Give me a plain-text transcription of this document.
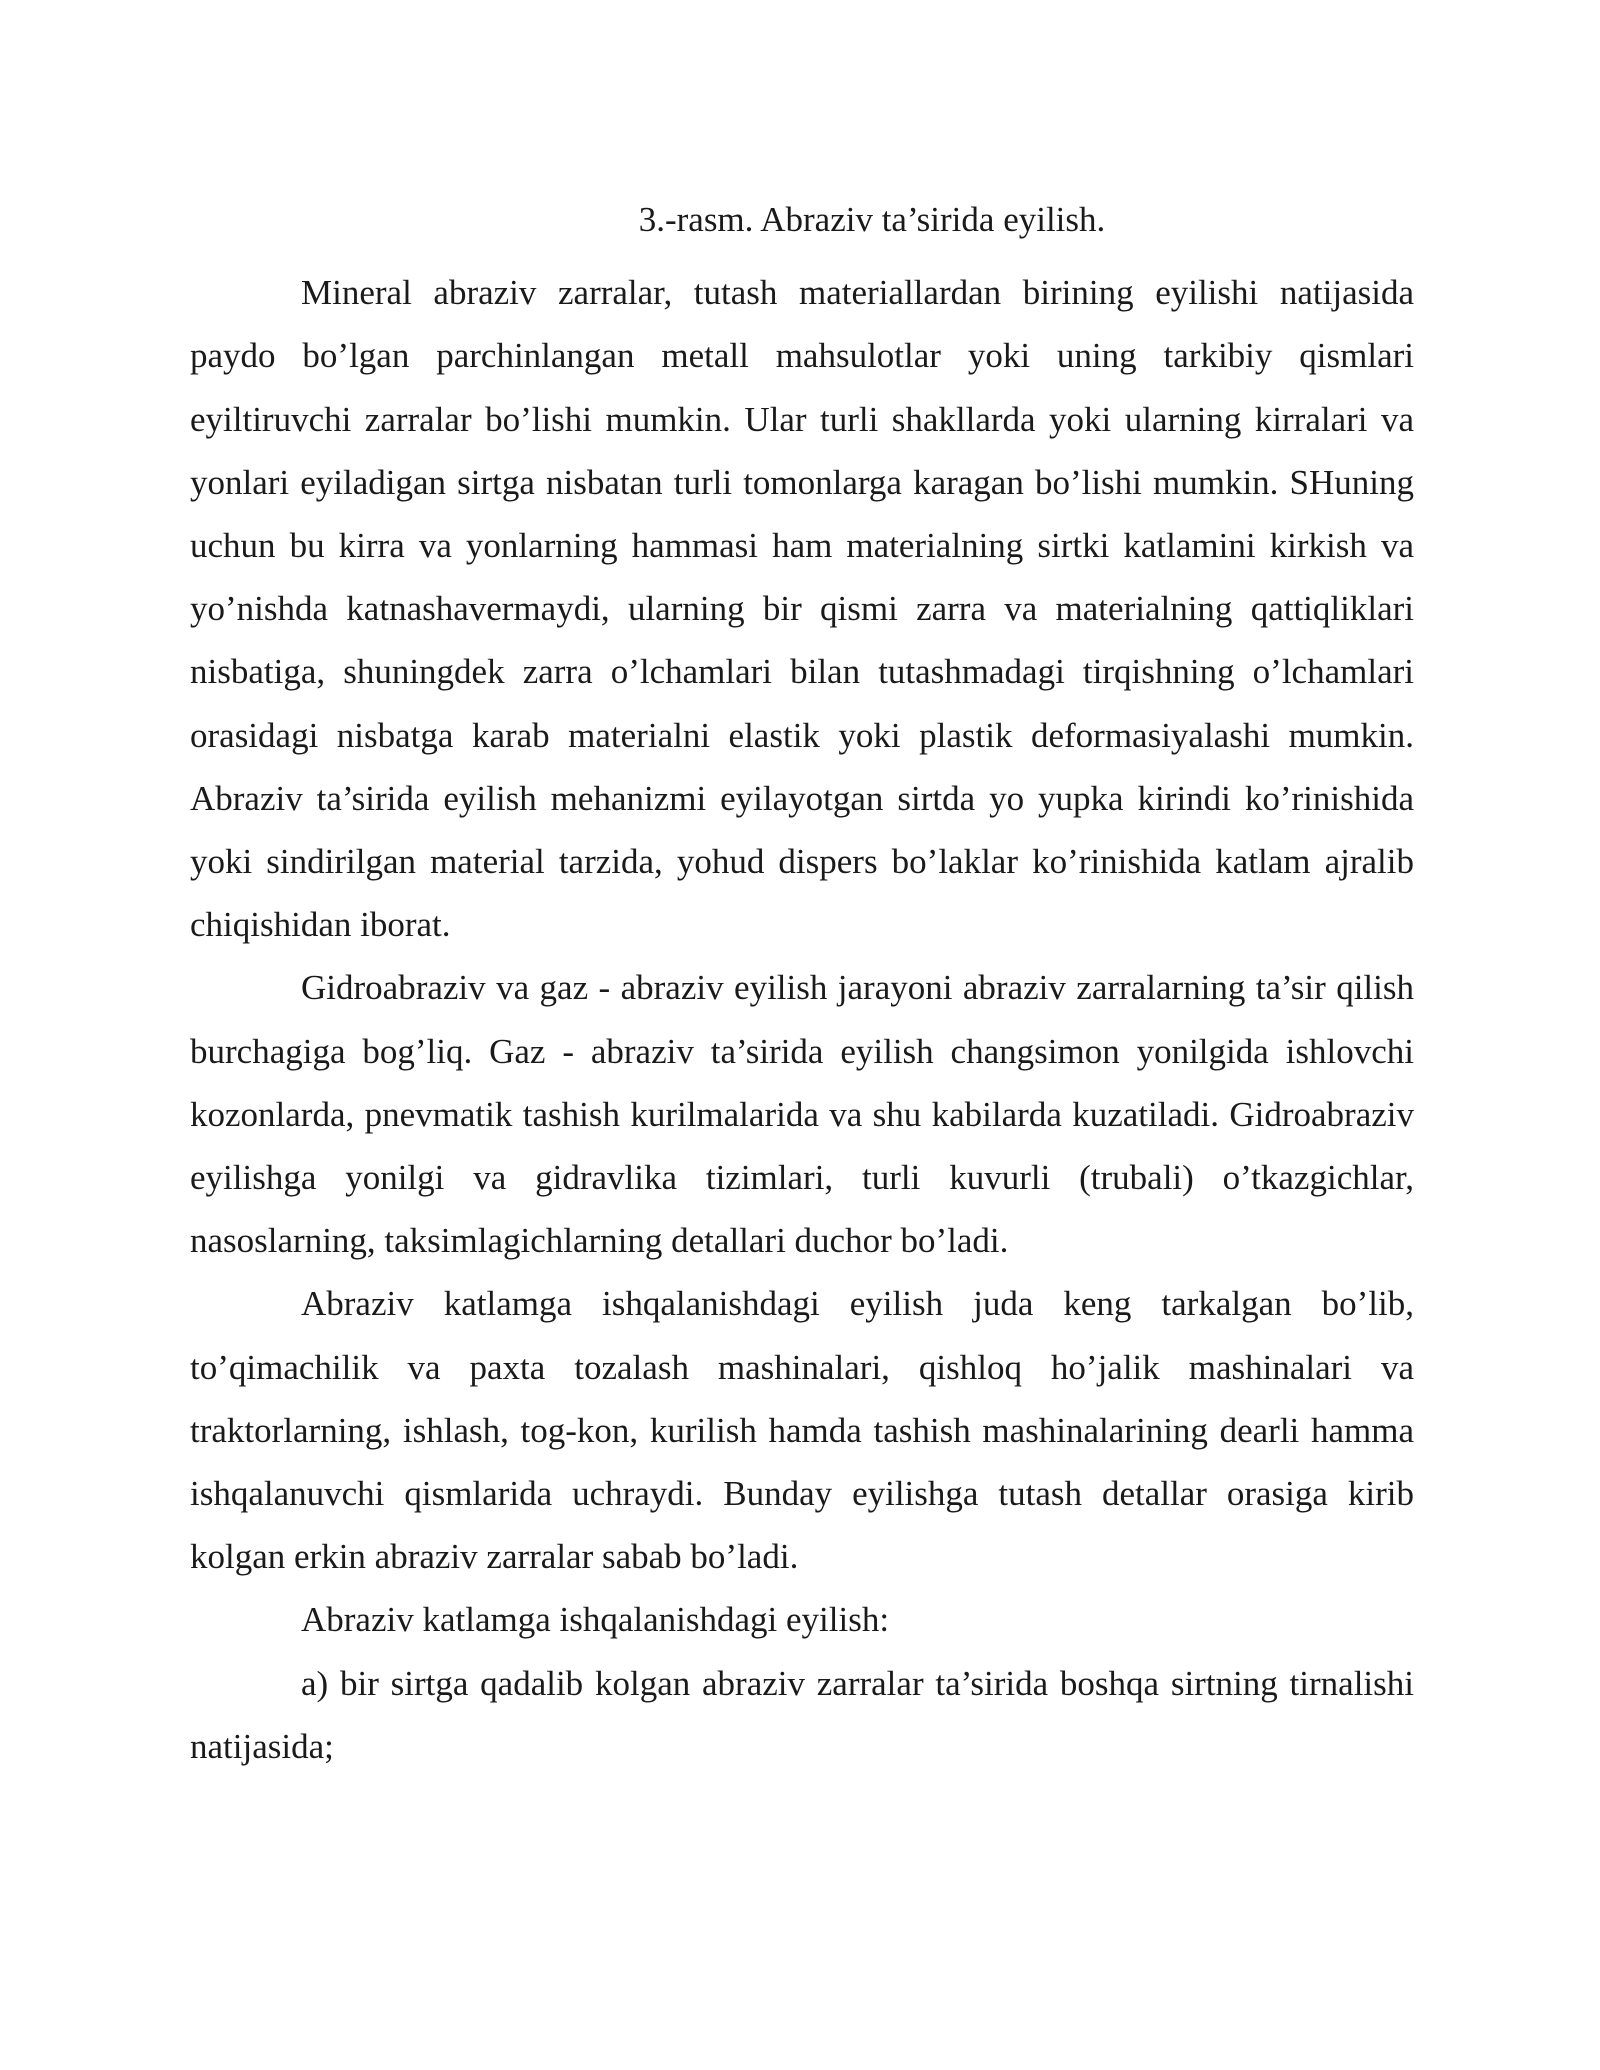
3.-rasm. Abraziv ta’sirida eyilish.

Mineral abraziv zarralar, tutash materiallardan birining eyilishi natijasida paydo bo’lgan parchinlangan metall mahsulotlar yoki uning tarkibiy qismlari eyiltiruvchi zarralar bo’lishi mumkin. Ular turli shakllarda yoki ularning kirralari va yonlari eyiladigan sirtga nisbatan turli tomonlarga karagan bo’lishi mumkin. SHuning uchun bu kirra va yonlarning hammasi ham materialning sirtki katlamini kirkish va yo’nishda katnashavermaydi, ularning bir qismi zarra va materialning qattiqliklari nisbatiga, shuningdek zarra o’lchamlari bilan tutashmadagi tirqishning o’lchamlari orasidagi nisbatga karab materialni elastik yoki plastik deformasiyalashi mumkin. Abraziv ta’sirida eyilish mehanizmi eyilayotgan sirtda yo yupka kirindi ko’rinishida yoki sindirilgan material tarzida, yohud dispers bo’laklar ko’rinishida katlam ajralib chiqishidan iborat.

Gidroabraziv va gaz - abraziv eyilish jarayoni abraziv zarralarning ta’sir qilish burchagiga bog’liq. Gaz - abraziv ta’sirida eyilish changsimon yonilgida ishlovchi kozonlarda, pnevmatik tashish kurilmalarida va shu kabilarda kuzatiladi. Gidroabraziv eyilishga yonilgi va gidravlika tizimlari, turli kuvurli (trubali) o’tkazgichlar, nasoslarning, taksimlagichlarning detallari duchor bo’ladi.

Abraziv katlamga ishqalanishdagi eyilish juda keng tarkalgan bo’lib, to’qimachilik va paxta tozalash mashinalari, qishloq ho’jalik mashinalari va traktorlarning, ishlash, tog-kon, kurilish hamda tashish mashinalarining dearli hamma ishqalanuvchi qismlarida uchraydi. Bunday eyilishga tutash detallar orasiga kirib kolgan erkin abraziv zarralar sabab bo’ladi.

Abraziv katlamga ishqalanishdagi eyilish:

a) bir sirtga qadalib kolgan abraziv zarralar ta’sirida boshqa sirtning tirnalishi natijasida;
